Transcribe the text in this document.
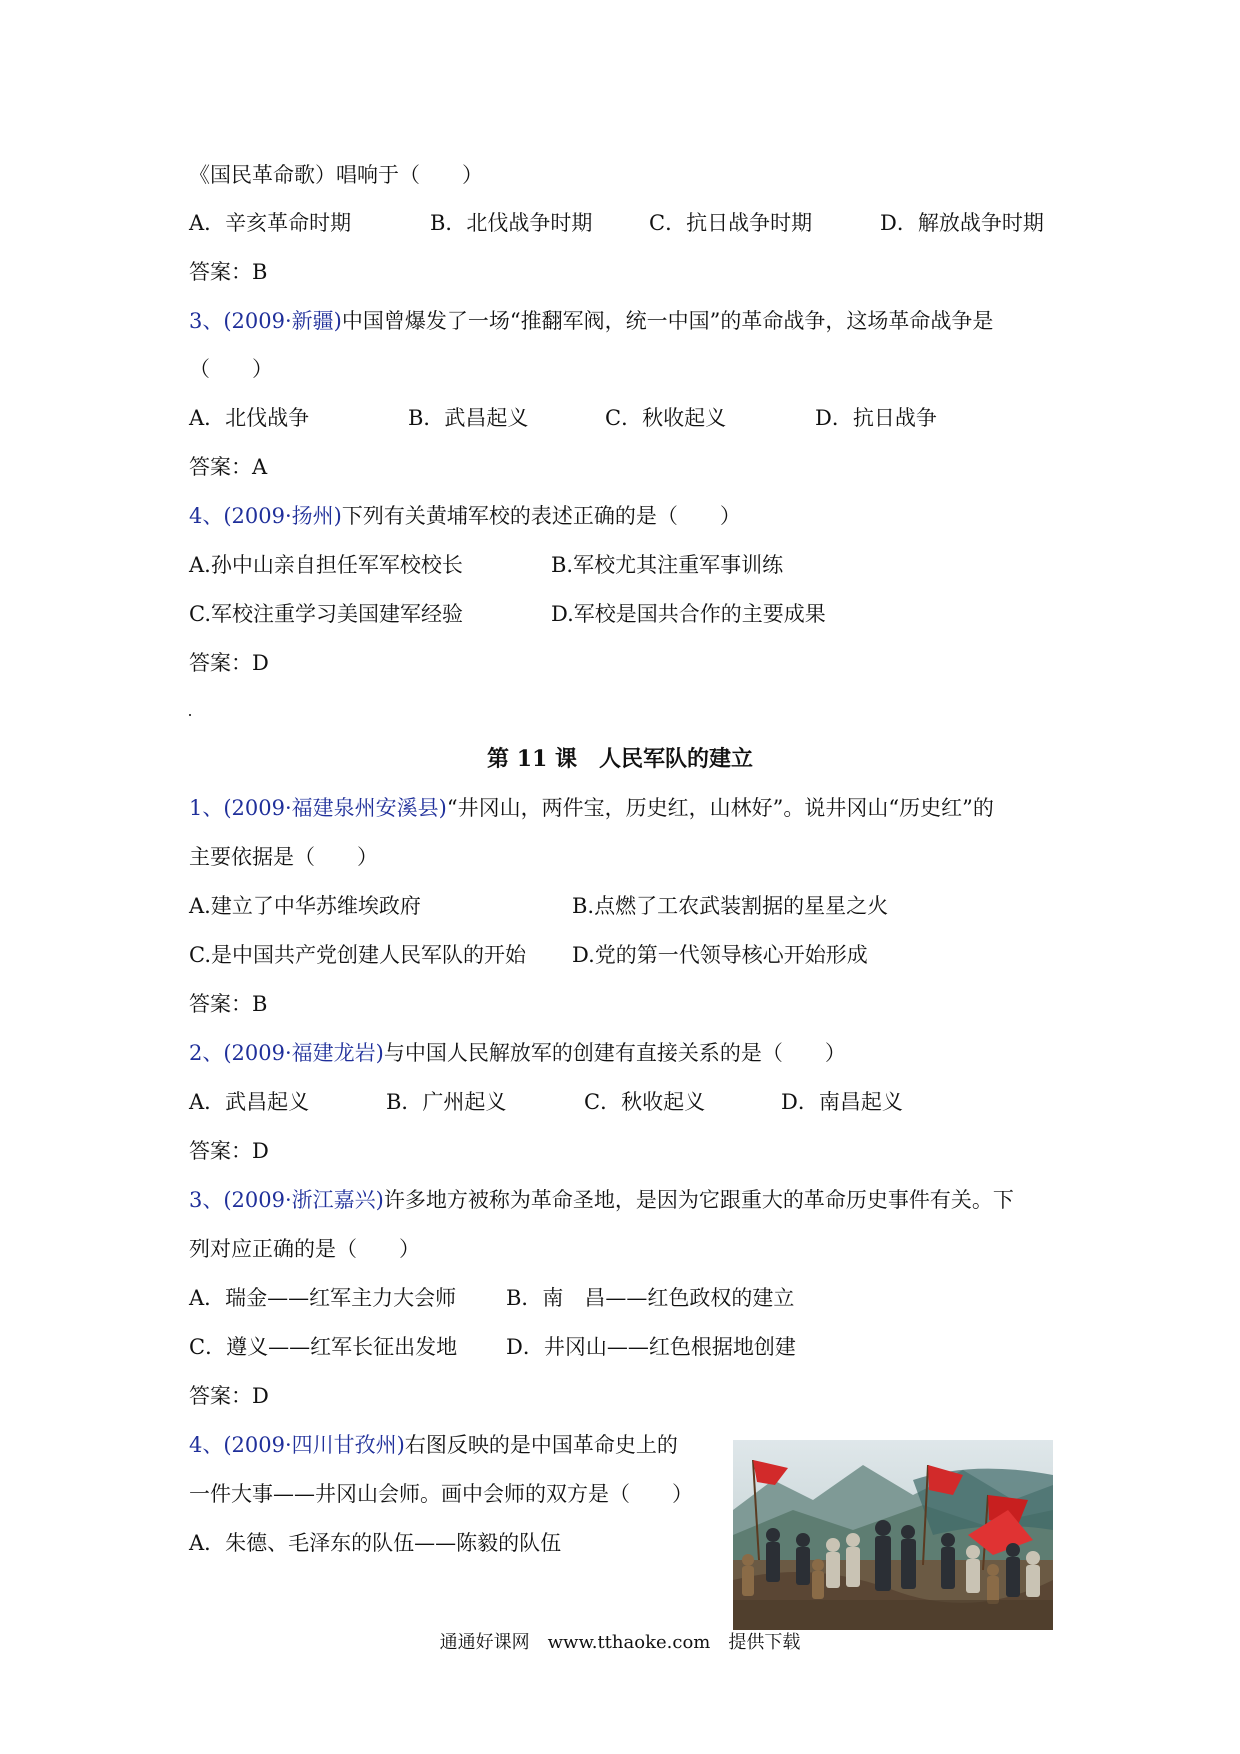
《国民革命歌）唱响于（　　）
A．辛亥革命时期	B．北伐战争时期	C．抗日战争时期	D．解放战争时期
答案：B
3、(2009·新疆)中国曾爆发了一场“推翻军阀，统一中国”的革命战争，这场革命战争是
（　　）
A．北伐战争	B．武昌起义	C．秋收起义	D．抗日战争
答案：A
4、(2009·扬州)下列有关黄埔军校的表述正确的是（　　）
A.孙中山亲自担任军军校校长	B.军校尤其注重军事训练
C.军校注重学习美国建军经验	D.军校是国共合作的主要成果
答案：D
第 11 课　人民军队的建立
1、(2009·福建泉州安溪县)“井冈山，两件宝，历史红，山林好”。说井冈山“历史红”的
主要依据是（　　）
A.建立了中华苏维埃政府	B.点燃了工农武装割据的星星之火
C.是中国共产党创建人民军队的开始 D.党的第一代领导核心开始形成
答案：B
2、(2009·福建龙岩)与中国人民解放军的创建有直接关系的是（　　）
A．武昌起义	B．广州起义	C．秋收起义	D．南昌起义
答案：D
3、(2009·浙江嘉兴)许多地方被称为革命圣地，是因为它跟重大的革命历史事件有关。下
列对应正确的是（　　）
A．瑞金——红军主力大会师 B．南　昌——红色政权的建立
C．遵义——红军长征出发地 D．井冈山——红色根据地创建
答案：D
4、(2009·四川甘孜州)右图反映的是中国革命史上的
一件大事——井冈山会师。画中会师的双方是（　　）
A．朱德、毛泽东的队伍——陈毅的队伍
通通好课网　www.tthaoke.com　提供下载
